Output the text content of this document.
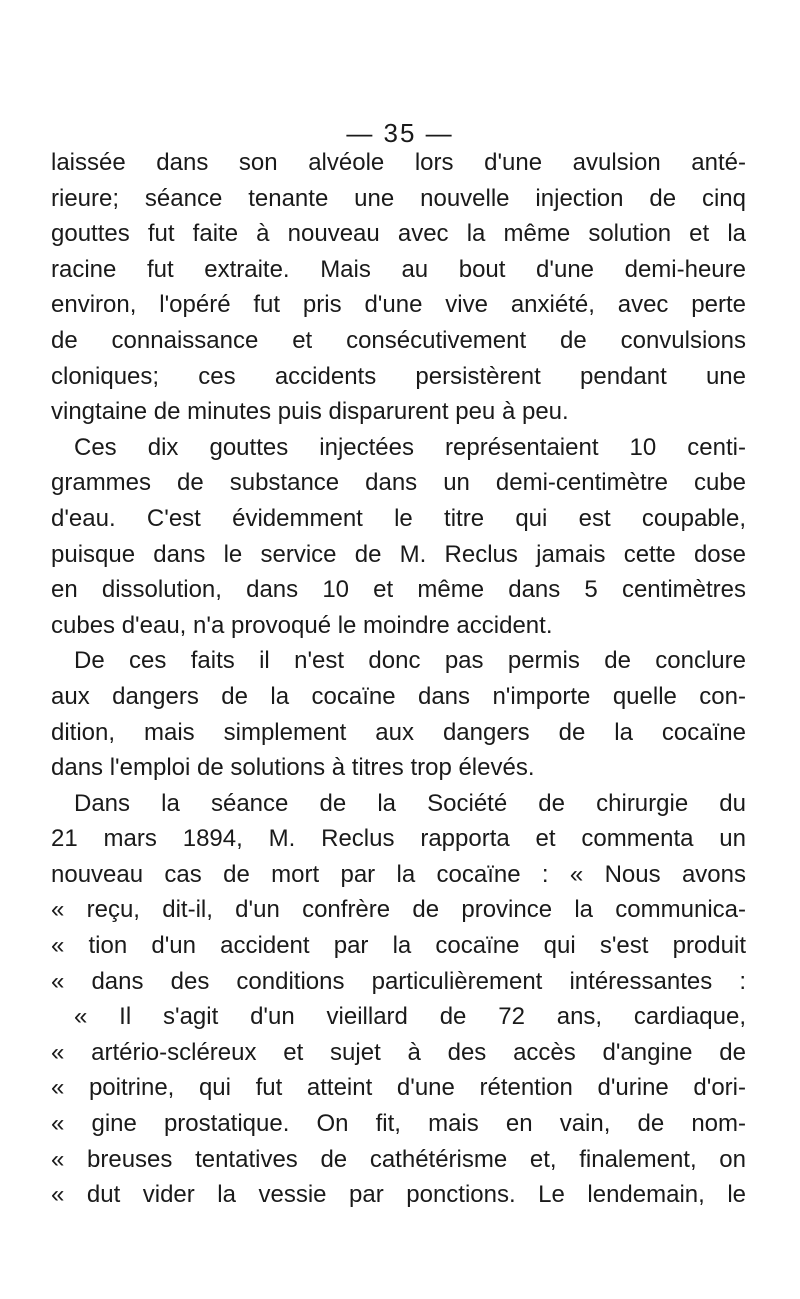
— 35 —
laissée dans son alvéole lors d'une avulsion anté-
rieure; séance tenante une nouvelle injection de cinq
gouttes fut faite à nouveau avec la même solution et la
racine fut extraite. Mais au bout d'une demi-heure
environ, l'opéré fut pris d'une vive anxiété, avec perte
de connaissance et consécutivement de convulsions
cloniques; ces accidents persistèrent pendant une
vingtaine de minutes puis disparurent peu à peu.
Ces dix gouttes injectées représentaient 10 centi-
grammes de substance dans un demi-centimètre cube
d'eau. C'est évidemment le titre qui est coupable,
puisque dans le service de M. Reclus jamais cette dose
en dissolution, dans 10 et même dans 5 centimètres
cubes d'eau, n'a provoqué le moindre accident.
De ces faits il n'est donc pas permis de conclure
aux dangers de la cocaïne dans n'importe quelle con-
dition, mais simplement aux dangers de la cocaïne
dans l'emploi de solutions à titres trop élevés.
Dans la séance de la Société de chirurgie du
21 mars 1894, M. Reclus rapporta et commenta un
nouveau cas de mort par la cocaïne : « Nous avons
« reçu, dit-il, d'un confrère de province la communica-
« tion d'un accident par la cocaïne qui s'est produit
« dans des conditions particulièrement intéressantes :
« Il s'agit d'un vieillard de 72 ans, cardiaque,
« artério-scléreux et sujet à des accès d'angine de
« poitrine, qui fut atteint d'une rétention d'urine d'ori-
« gine prostatique. On fit, mais en vain, de nom-
« breuses tentatives de cathétérisme et, finalement, on
« dut vider la vessie par ponctions. Le lendemain, le
